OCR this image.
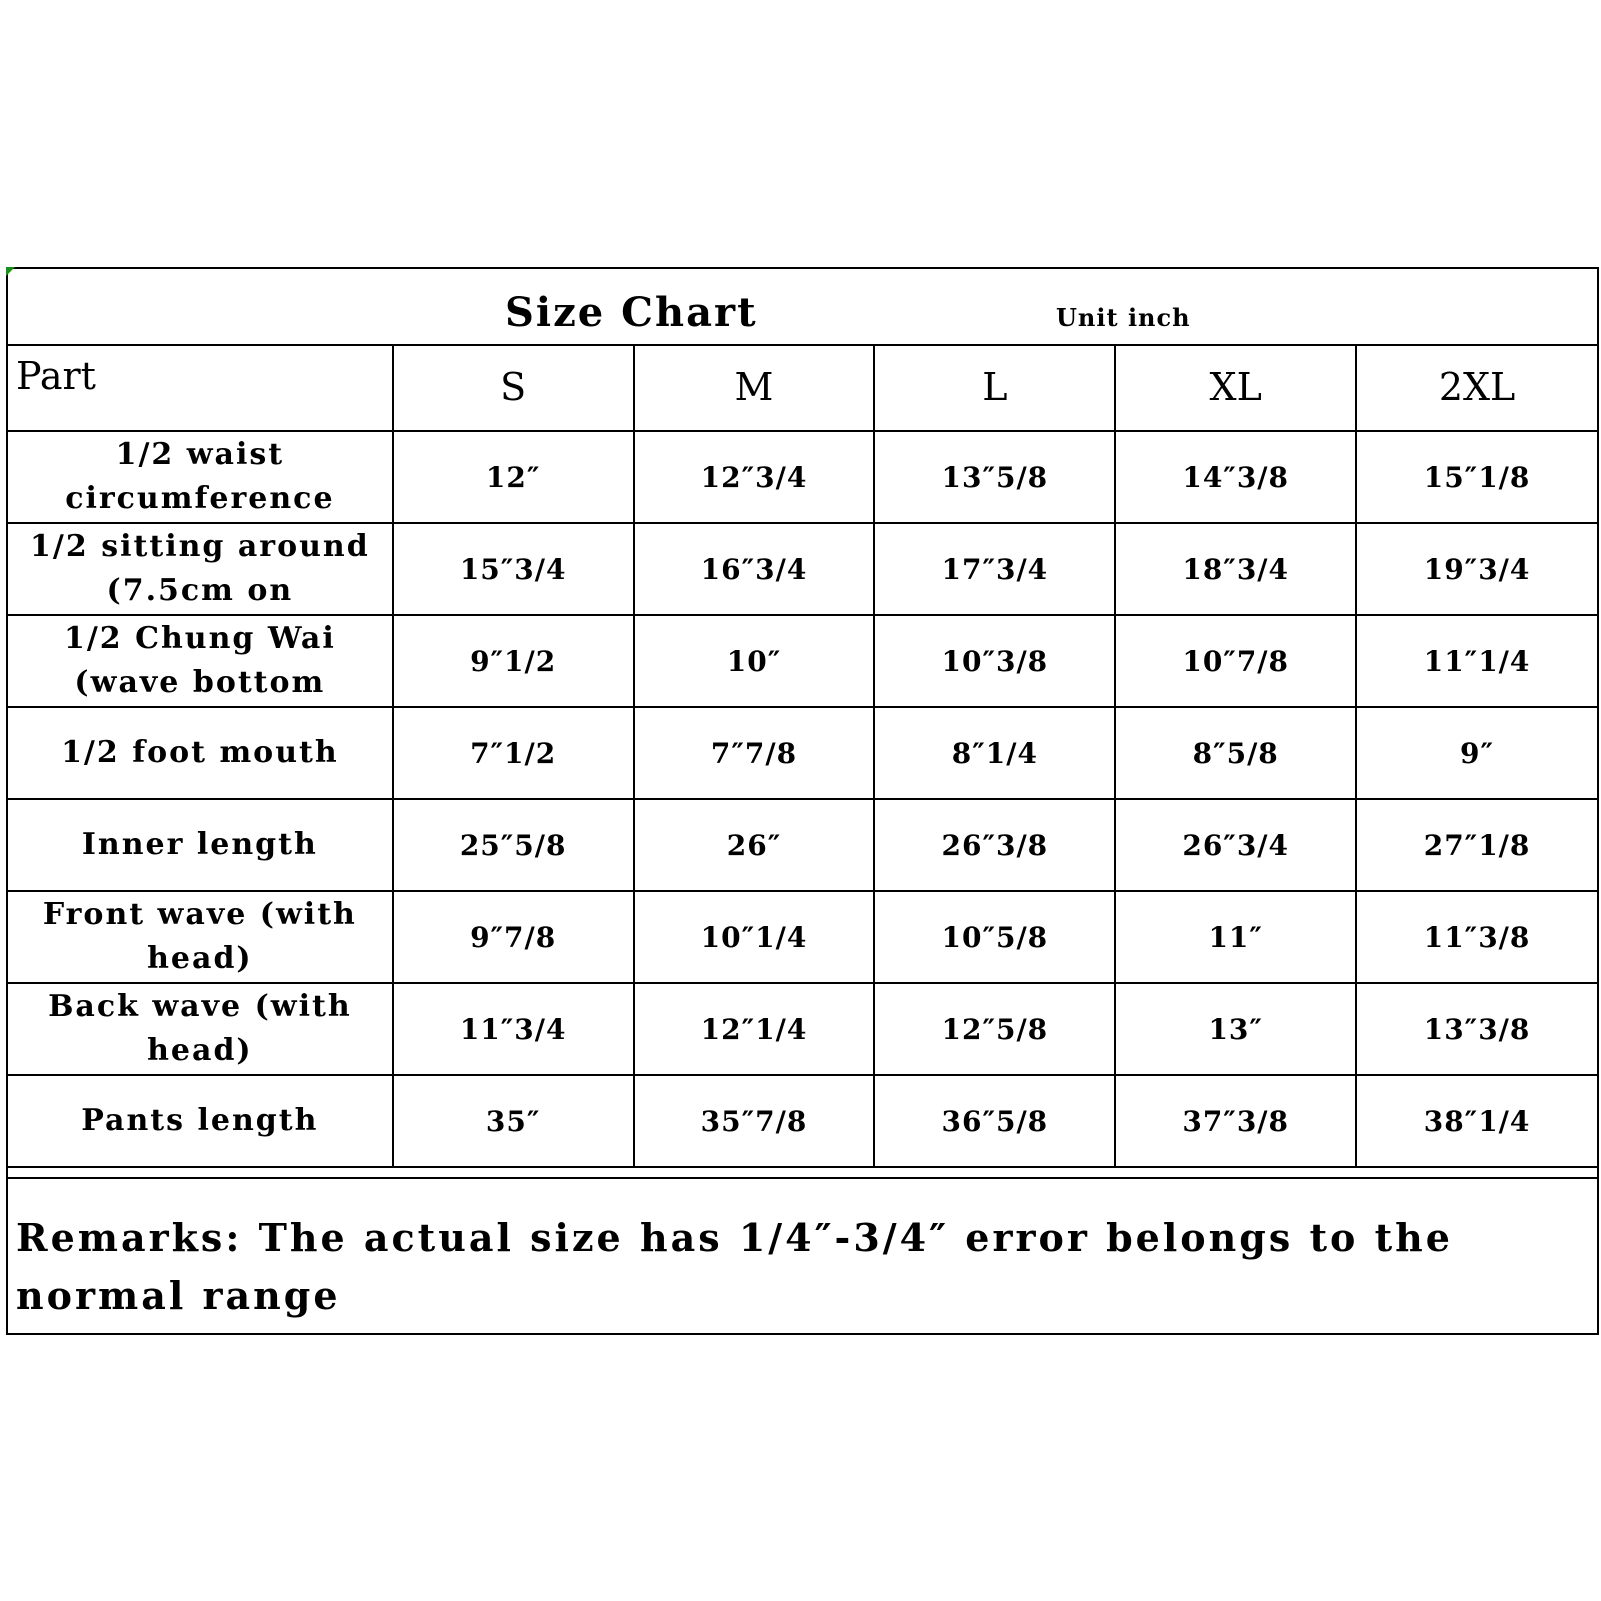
Size Chart	Unit inch
Part	S	M	L	XL	2XL
1/2 waist circumference	12″	12″3/4	13″5/8	14″3/8	15″1/8
1/2 sitting around (7.5cm on	15″3/4	16″3/4	17″3/4	18″3/4	19″3/4
1/2 Chung Wai (wave bottom	9″1/2	10″	10″3/8	10″7/8	11″1/4
1/2 foot mouth	7″1/2	7″7/8	8″1/4	8″5/8	9″
Inner length	25″5/8	26″	26″3/8	26″3/4	27″1/8
Front wave (with head)	9″7/8	10″1/4	10″5/8	11″	11″3/8
Back wave (with head)	11″3/4	12″1/4	12″5/8	13″	13″3/8
Pants length	35″	35″7/8	36″5/8	37″3/8	38″1/4
Remarks: The actual size has 1/4″-3/4″ error belongs to the normal range
